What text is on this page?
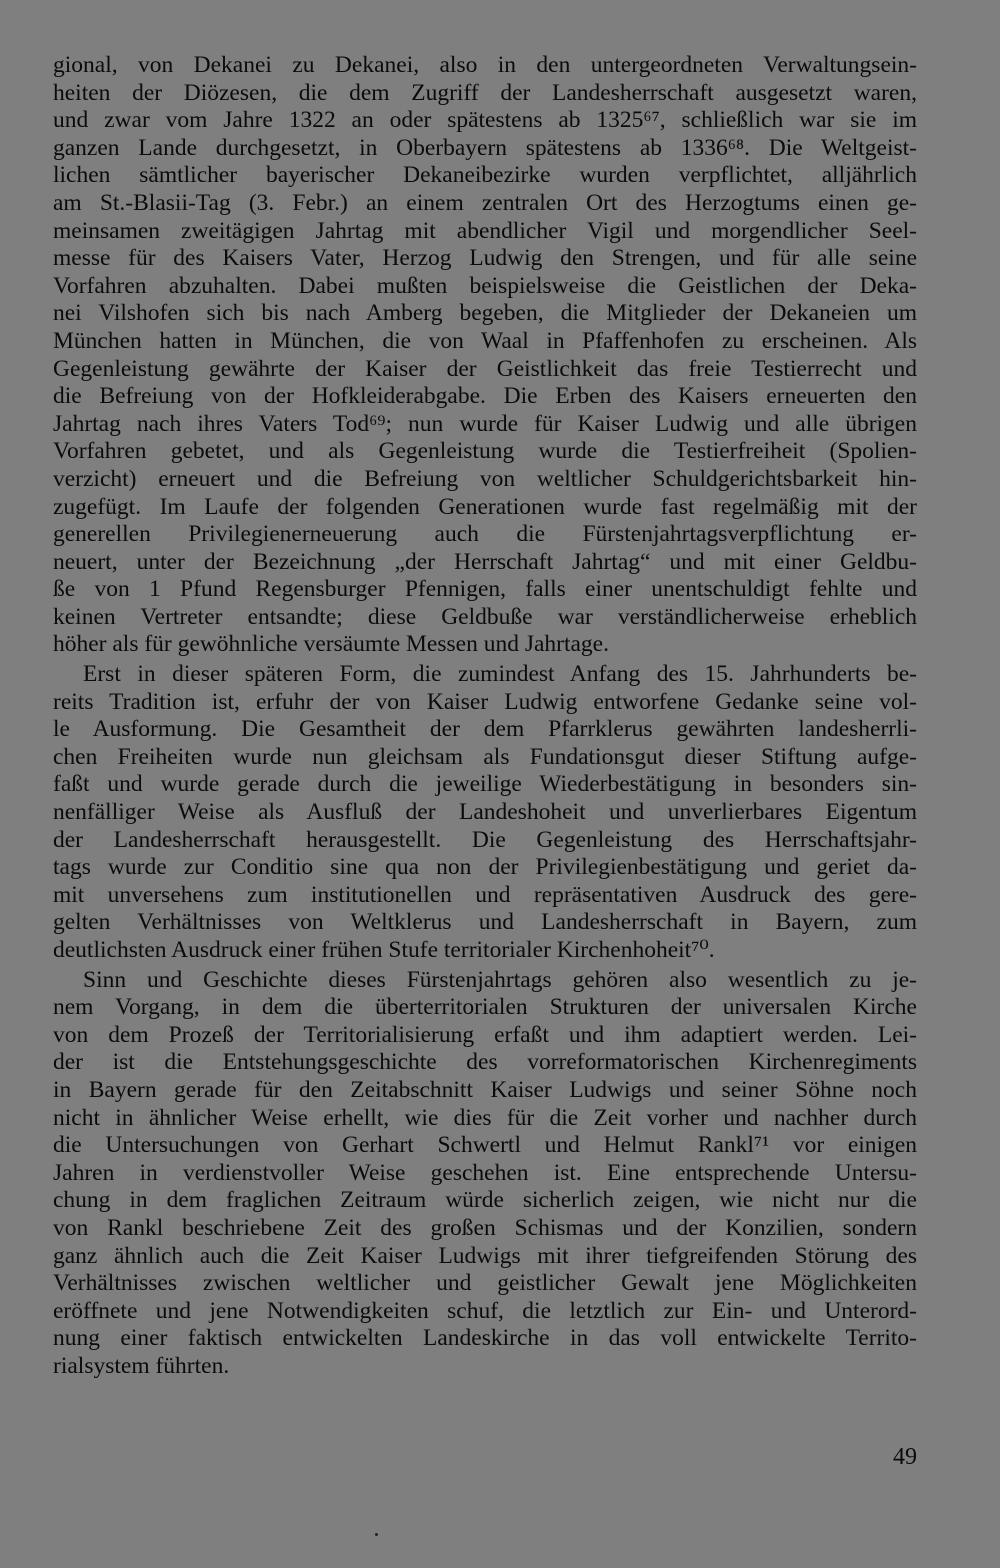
gional, von Dekanei zu Dekanei, also in den untergeordneten Verwaltungsein-
heiten der Diözesen, die dem Zugriff der Landesherrschaft ausgesetzt waren,
und zwar vom Jahre 1322 an oder spätestens ab 1325⁶⁷, schließlich war sie im
ganzen Lande durchgesetzt, in Oberbayern spätestens ab 1336⁶⁸. Die Weltgeist-
lichen sämtlicher bayerischer Dekaneibezirke wurden verpflichtet, alljährlich
am St.-Blasii-Tag (3. Febr.) an einem zentralen Ort des Herzogtums einen ge-
meinsamen zweitägigen Jahrtag mit abendlicher Vigil und morgendlicher Seel-
messe für des Kaisers Vater, Herzog Ludwig den Strengen, und für alle seine
Vorfahren abzuhalten. Dabei mußten beispielsweise die Geistlichen der Deka-
nei Vilshofen sich bis nach Amberg begeben, die Mitglieder der Dekaneien um
München hatten in München, die von Waal in Pfaffenhofen zu erscheinen. Als
Gegenleistung gewährte der Kaiser der Geistlichkeit das freie Testierrecht und
die Befreiung von der Hofkleiderabgabe. Die Erben des Kaisers erneuerten den
Jahrtag nach ihres Vaters Tod⁶⁹; nun wurde für Kaiser Ludwig und alle übrigen
Vorfahren gebetet, und als Gegenleistung wurde die Testierfreiheit (Spolien-
verzicht) erneuert und die Befreiung von weltlicher Schuldgerichtsbarkeit hin-
zugefügt. Im Laufe der folgenden Generationen wurde fast regelmäßig mit der
generellen Privilegienerneuerung auch die Fürstenjahrtagsverpflichtung er-
neuert, unter der Bezeichnung „der Herrschaft Jahrtag“ und mit einer Geldbu-
ße von 1 Pfund Regensburger Pfennigen, falls einer unentschuldigt fehlte und
keinen Vertreter entsandte; diese Geldbuße war verständlicherweise erheblich
höher als für gewöhnliche versäumte Messen und Jahrtage.
Erst in dieser späteren Form, die zumindest Anfang des 15. Jahrhunderts be-
reits Tradition ist, erfuhr der von Kaiser Ludwig entworfene Gedanke seine vol-
le Ausformung. Die Gesamtheit der dem Pfarrklerus gewährten landesherrli-
chen Freiheiten wurde nun gleichsam als Fundationsgut dieser Stiftung aufge-
faßt und wurde gerade durch die jeweilige Wiederbestätigung in besonders sin-
nenfälliger Weise als Ausfluß der Landeshoheit und unverlierbares Eigentum
der Landesherrschaft herausgestellt. Die Gegenleistung des Herrschaftsjahr-
tags wurde zur Conditio sine qua non der Privilegienbestätigung und geriet da-
mit unversehens zum institutionellen und repräsentativen Ausdruck des gere-
gelten Verhältnisses von Weltklerus und Landesherrschaft in Bayern, zum
deutlichsten Ausdruck einer frühen Stufe territorialer Kirchenhoheit⁷⁰.
Sinn und Geschichte dieses Fürstenjahrtags gehören also wesentlich zu je-
nem Vorgang, in dem die überterritorialen Strukturen der universalen Kirche
von dem Prozeß der Territorialisierung erfaßt und ihm adaptiert werden. Lei-
der ist die Entstehungsgeschichte des vorreformatorischen Kirchenregiments
in Bayern gerade für den Zeitabschnitt Kaiser Ludwigs und seiner Söhne noch
nicht in ähnlicher Weise erhellt, wie dies für die Zeit vorher und nachher durch
die Untersuchungen von Gerhart Schwertl und Helmut Rankl⁷¹ vor einigen
Jahren in verdienstvoller Weise geschehen ist. Eine entsprechende Untersu-
chung in dem fraglichen Zeitraum würde sicherlich zeigen, wie nicht nur die
von Rankl beschriebene Zeit des großen Schismas und der Konzilien, sondern
ganz ähnlich auch die Zeit Kaiser Ludwigs mit ihrer tiefgreifenden Störung des
Verhältnisses zwischen weltlicher und geistlicher Gewalt jene Möglichkeiten
eröffnete und jene Notwendigkeiten schuf, die letztlich zur Ein- und Unterord-
nung einer faktisch entwickelten Landeskirche in das voll entwickelte Territo-
rialsystem führten.
49
